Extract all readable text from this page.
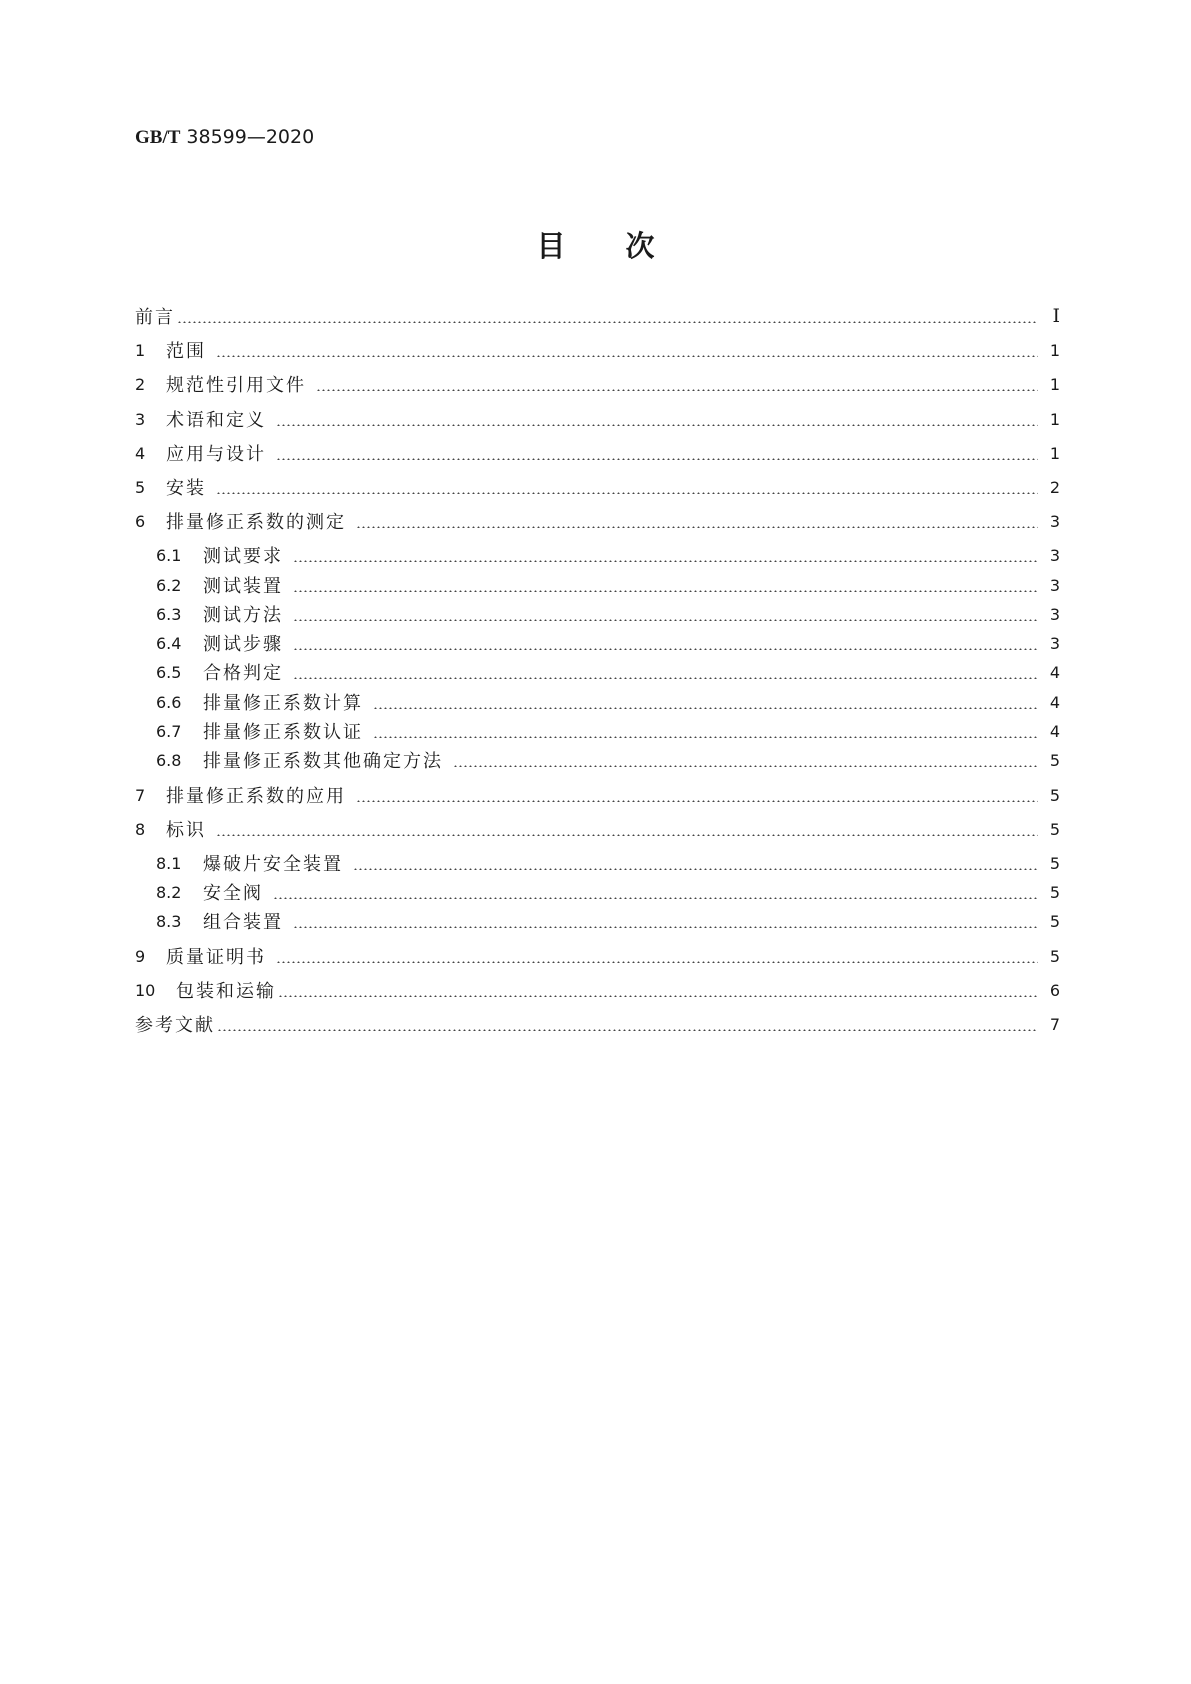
GB/T 38599—2020
目次
前言	I
1	范围	1
2	规范性引用文件	1
3	术语和定义	1
4	应用与设计	1
5	安装	2
6	排量修正系数的测定	3
6.1	测试要求	3
6.2	测试装置	3
6.3	测试方法	3
6.4	测试步骤	3
6.5	合格判定	4
6.6	排量修正系数计算	4
6.7	排量修正系数认证	4
6.8	排量修正系数其他确定方法	5
7	排量修正系数的应用	5
8	标识	5
8.1	爆破片安全装置	5
8.2	安全阀	5
8.3	组合装置	5
9	质量证明书	5
10	包装和运输	6
参考文献	7
